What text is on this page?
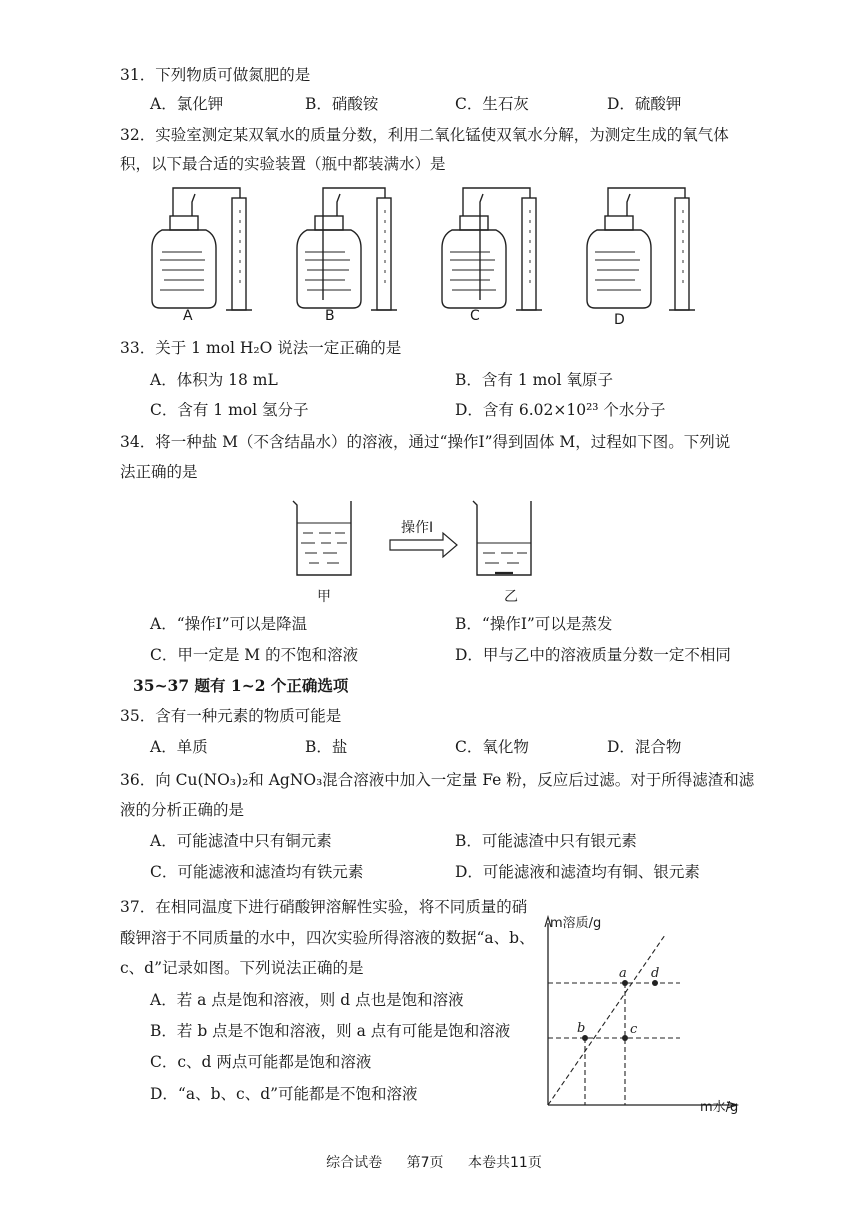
31．下列物质可做氮肥的是
A．氯化钾	B．硝酸铵	C．生石灰	D．硫酸钾
32．实验室测定某双氧水的质量分数，利用二氧化锰使双氧水分解，为测定生成的氧气体
积，以下最合适的实验装置（瓶中都装满水）是
A	B	C	D
33．关于 1 mol H₂O 说法一定正确的是
A．体积为 18 mL	B．含有 1 mol 氧原子
C．含有 1 mol 氢分子	D．含有 6.02×10²³ 个水分子
34．将一种盐 M（不含结晶水）的溶液，通过“操作Ⅰ”得到固体 M，过程如下图。下列说
法正确的是
操作Ⅰ
甲	乙
A．“操作Ⅰ”可以是降温	B．“操作Ⅰ”可以是蒸发
C．甲一定是 M 的不饱和溶液	D．甲与乙中的溶液质量分数一定不相同
35~37 题有 1~2 个正确选项
35．含有一种元素的物质可能是
A．单质	B．盐	C．氧化物	D．混合物
36．向 Cu(NO₃)₂和 AgNO₃混合溶液中加入一定量 Fe 粉，反应后过滤。对于所得滤渣和滤
液的分析正确的是
A．可能滤渣中只有铜元素	B．可能滤渣中只有银元素
C．可能滤液和滤渣均有铁元素	D．可能滤液和滤渣均有铜、银元素
37．在相同温度下进行硝酸钾溶解性实验，将不同质量的硝
酸钾溶于不同质量的水中，四次实验所得溶液的数据“a、b、
c、d”记录如图。下列说法正确的是
A．若 a 点是饱和溶液，则 d 点也是饱和溶液
B．若 b 点是不饱和溶液，则 a 点有可能是饱和溶液
C．c、d 两点可能都是饱和溶液
D．“a、b、c、d”可能都是不饱和溶液
a
b	c
d
m溶质/g
m水/g
综合试卷 第7页 本卷共11页
